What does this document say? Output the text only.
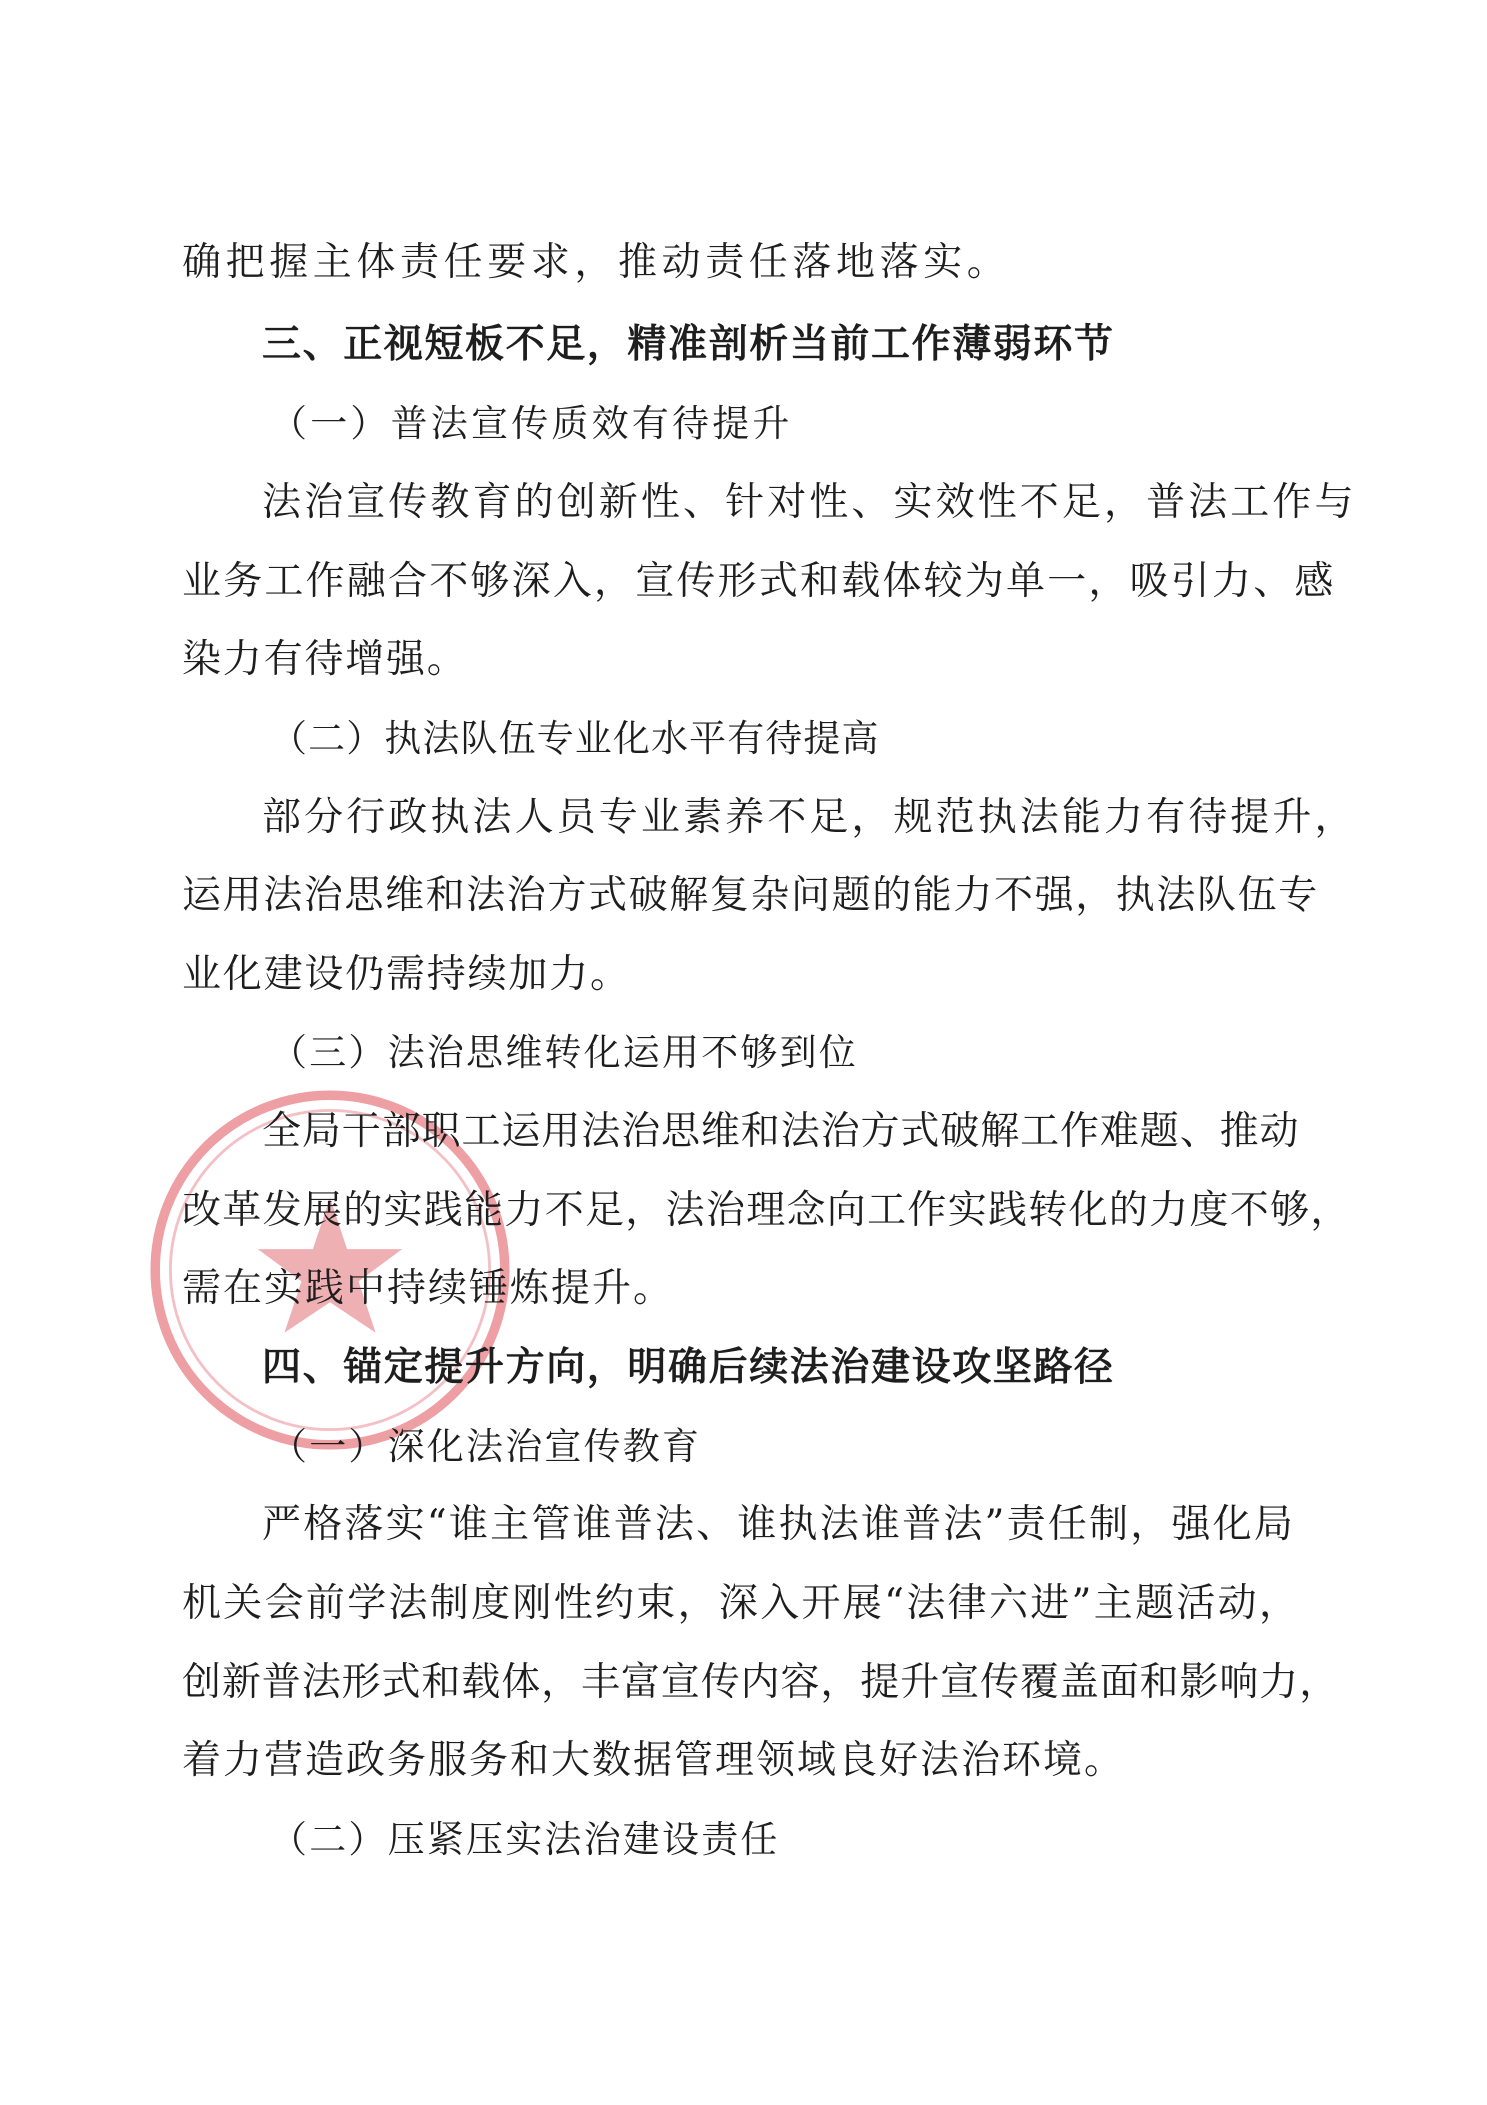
确把握主体责任要求，推动责任落地落实。

三、正视短板不足，精准剖析当前工作薄弱环节

（一）普法宣传质效有待提升

法治宣传教育的创新性、针对性、实效性不足，普法工作与

业务工作融合不够深入，宣传形式和载体较为单一，吸引力、感

染力有待增强。

（二）执法队伍专业化水平有待提高

部分行政执法人员专业素养不足，规范执法能力有待提升，

运用法治思维和法治方式破解复杂问题的能力不强，执法队伍专

业化建设仍需持续加力。

（三）法治思维转化运用不够到位

全局干部职工运用法治思维和法治方式破解工作难题、推动

改革发展的实践能力不足，法治理念向工作实践转化的力度不够，

需在实践中持续锤炼提升。

四、锚定提升方向，明确后续法治建设攻坚路径

（一）深化法治宣传教育

严格落实“谁主管谁普法、谁执法谁普法”责任制，强化局

机关会前学法制度刚性约束，深入开展“法律六进”主题活动，

创新普法形式和载体，丰富宣传内容，提升宣传覆盖面和影响力，

着力营造政务服务和大数据管理领域良好法治环境。

（二）压紧压实法治建设责任
